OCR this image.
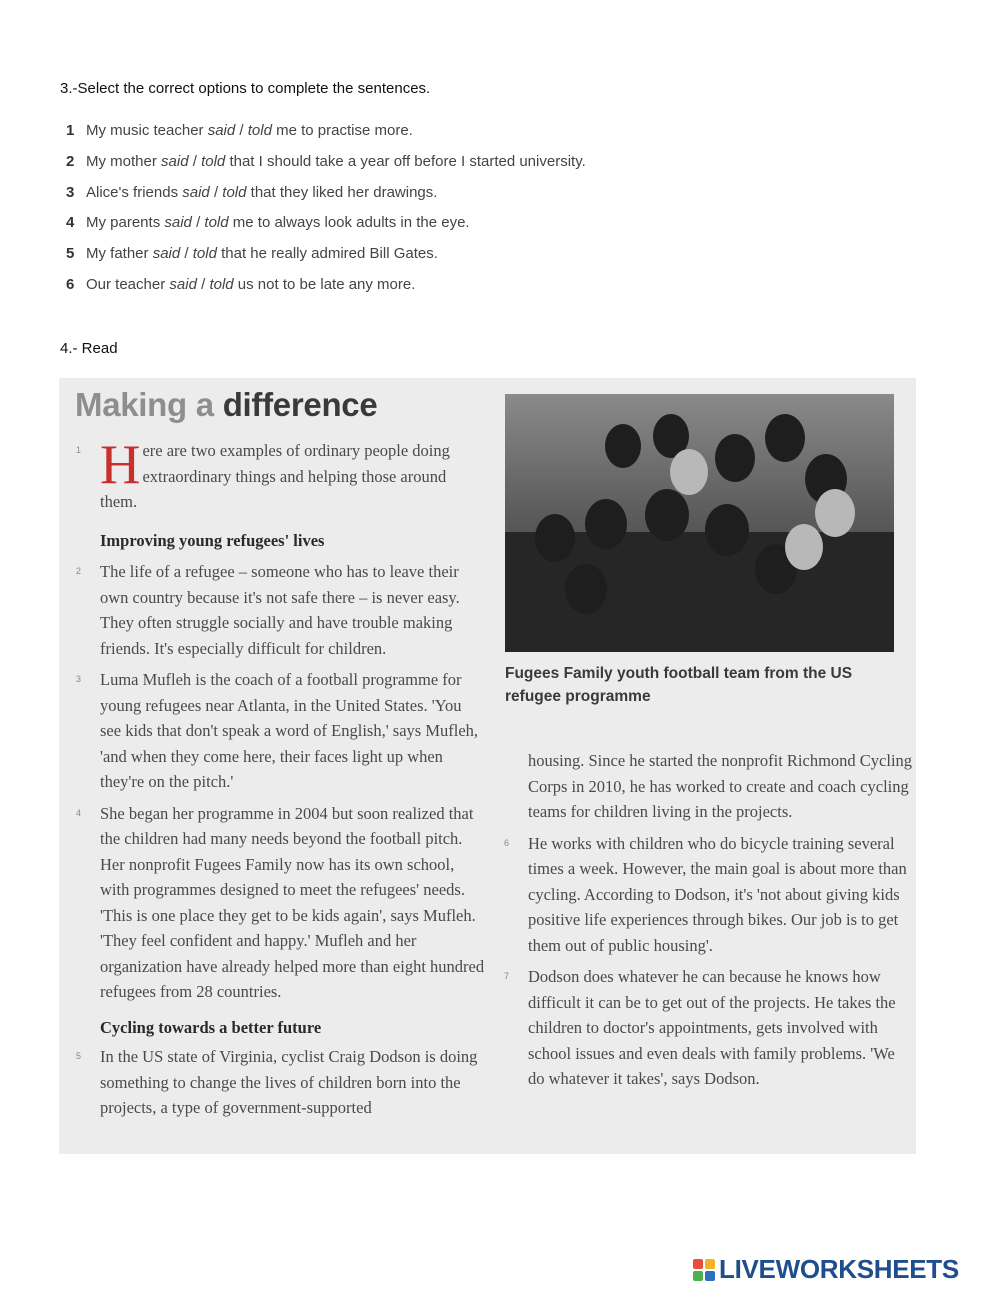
3.-Select the correct options to complete the sentences.
1 My music teacher said / told me to practise more.
2 My mother said / told that I should take a year off before I started university.
3 Alice's friends said / told that they liked her drawings.
4 My parents said / told me to always look adults in the eye.
5 My father said / told that he really admired Bill Gates.
6 Our teacher said / told us not to be late any more.
4.- Read
Making a difference

1 H ere are two examples of ordinary people doing extraordinary things and helping those around them.

Improving young refugees' lives

2 The life of a refugee – someone who has to leave their own country because it's not safe there – is never easy. They often struggle socially and have trouble making friends. It's especially difficult for children.

3 Luma Mufleh is the coach of a football programme for young refugees near Atlanta, in the United States. 'You see kids that don't speak a word of English,' says Mufleh, 'and when they come here, their faces light up when they're on the pitch.'

4 She began her programme in 2004 but soon realized that the children had many needs beyond the football pitch. Her nonprofit Fugees Family now has its own school, with programmes designed to meet the refugees' needs. 'This is one place they get to be kids again', says Mufleh. 'They feel confident and happy.' Mufleh and her organization have already helped more than eight hundred refugees from 28 countries.

Cycling towards a better future

5 In the US state of Virginia, cyclist Craig Dodson is doing something to change the lives of children born into the projects, a type of government-supported

Fugees Family youth football team from the US refugee programme

housing. Since he started the nonprofit Richmond Cycling Corps in 2010, he has worked to create and coach cycling teams for children living in the projects.

6 He works with children who do bicycle training several times a week. However, the main goal is about more than cycling. According to Dodson, it's 'not about giving kids positive life experiences through bikes. Our job is to get them out of public housing'.

7 Dodson does whatever he can because he knows how difficult it can be to get out of the projects. He takes the children to doctor's appointments, gets involved with school issues and even deals with family problems. 'We do whatever it takes', says Dodson.

LIVEWORKSHEETS
